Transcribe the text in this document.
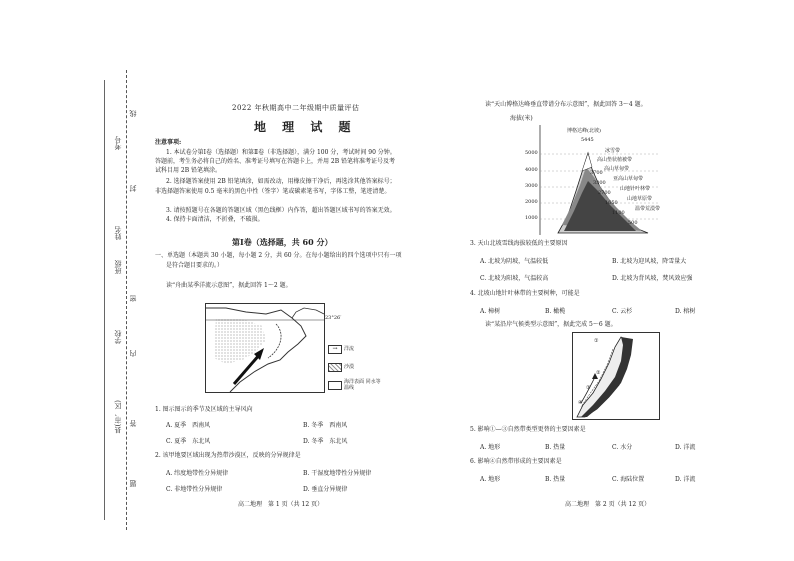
考号
姓名
班级
学校
县(市、区)
线
封
密
内
答
题
2022 年秋期高中二年级期中质量评估
地 理 试 题
注意事项:
1. 本试卷分第Ⅰ卷（选择题）和第Ⅱ卷（非选择题），满分 100 分，考试时间 90 分钟。
答题前，考生务必将自己的姓名、准考证号填写在答题卡上，并用 2B 铅笔将准考证号及考
试科目用 2B 铅笔填涂。
2. 选择题答案使用 2B 铅笔填涂，如需改动，用橡皮擦干净后，再选涂其他答案标号；
非选择题答案使用 0.5 毫米的黑色中性（签字）笔或碳素笔书写，字体工整，笔迹清楚。
3. 请按照题号在各题的答题区域（黑色线框）内作答，超出答题区域书写的答案无效。
4. 保持卡面清洁，不折叠，不破损。
第Ⅰ卷（选择题，共 60 分）
一、单选题（本题共 30 小题，每小题 2 分，共 60 分。在每小题给出的四个选项中只有一项
是符合题目要求的。）
读“舟曲某季洋流示意图”，据此回答 1～2 题。
23°26′
→	洋流
沙漠
海洋表面 同水等温线
1. 图示图示的季节及区域的主导风向
A. 夏季　西南风	B. 冬季　西南风
C. 夏季　东北风	D. 冬季　东北风
2. 该甲地要区域出现为热带沙漠区，反映的分异规律是
A. 纬度地带性分异规律	B. 干湿度地带性分异规律
C. 非地带性分异规律	D. 垂直分异规律
高二地理　第 1 页（共 12 页）
读“天山博格达峰垂直带谱分布示意图”，据此回答 3～4 题。
海拔(米)
5000
4000
3000
2000
1000
博格达峰(北坡)
5445
冰雪带
高山垫状植被带
高山草甸带
亚高山草甸带
山地针叶林带
山地草原带
温带荒漠带
3700
3300
2700
1650
1100
500
3. 天山北坡雪线海拔较低的主要原因
A. 北坡为阴坡，气温较低	B. 北坡为迎风坡，降雪量大
C. 北坡为阳坡，气温较高	D. 北坡为背风坡，焚风效应强
4. 北坡山地针叶林带的主要树种，可能是
A. 樟树	B. 橄榄	C. 云杉	D. 榕树
读“某沿岸气候类型示意图”，据此完成 5～6 题。
①
②
③
④
5. 影响①—③自然带类型更替的主要因素是
A. 地形	B. 热量	C. 水分	D. 洋流
6. 影响④自然带形成的主要因素是
A. 地形	B. 热量	C. 海陆位置	D. 洋流
高二地理　第 2 页（共 12 页）
